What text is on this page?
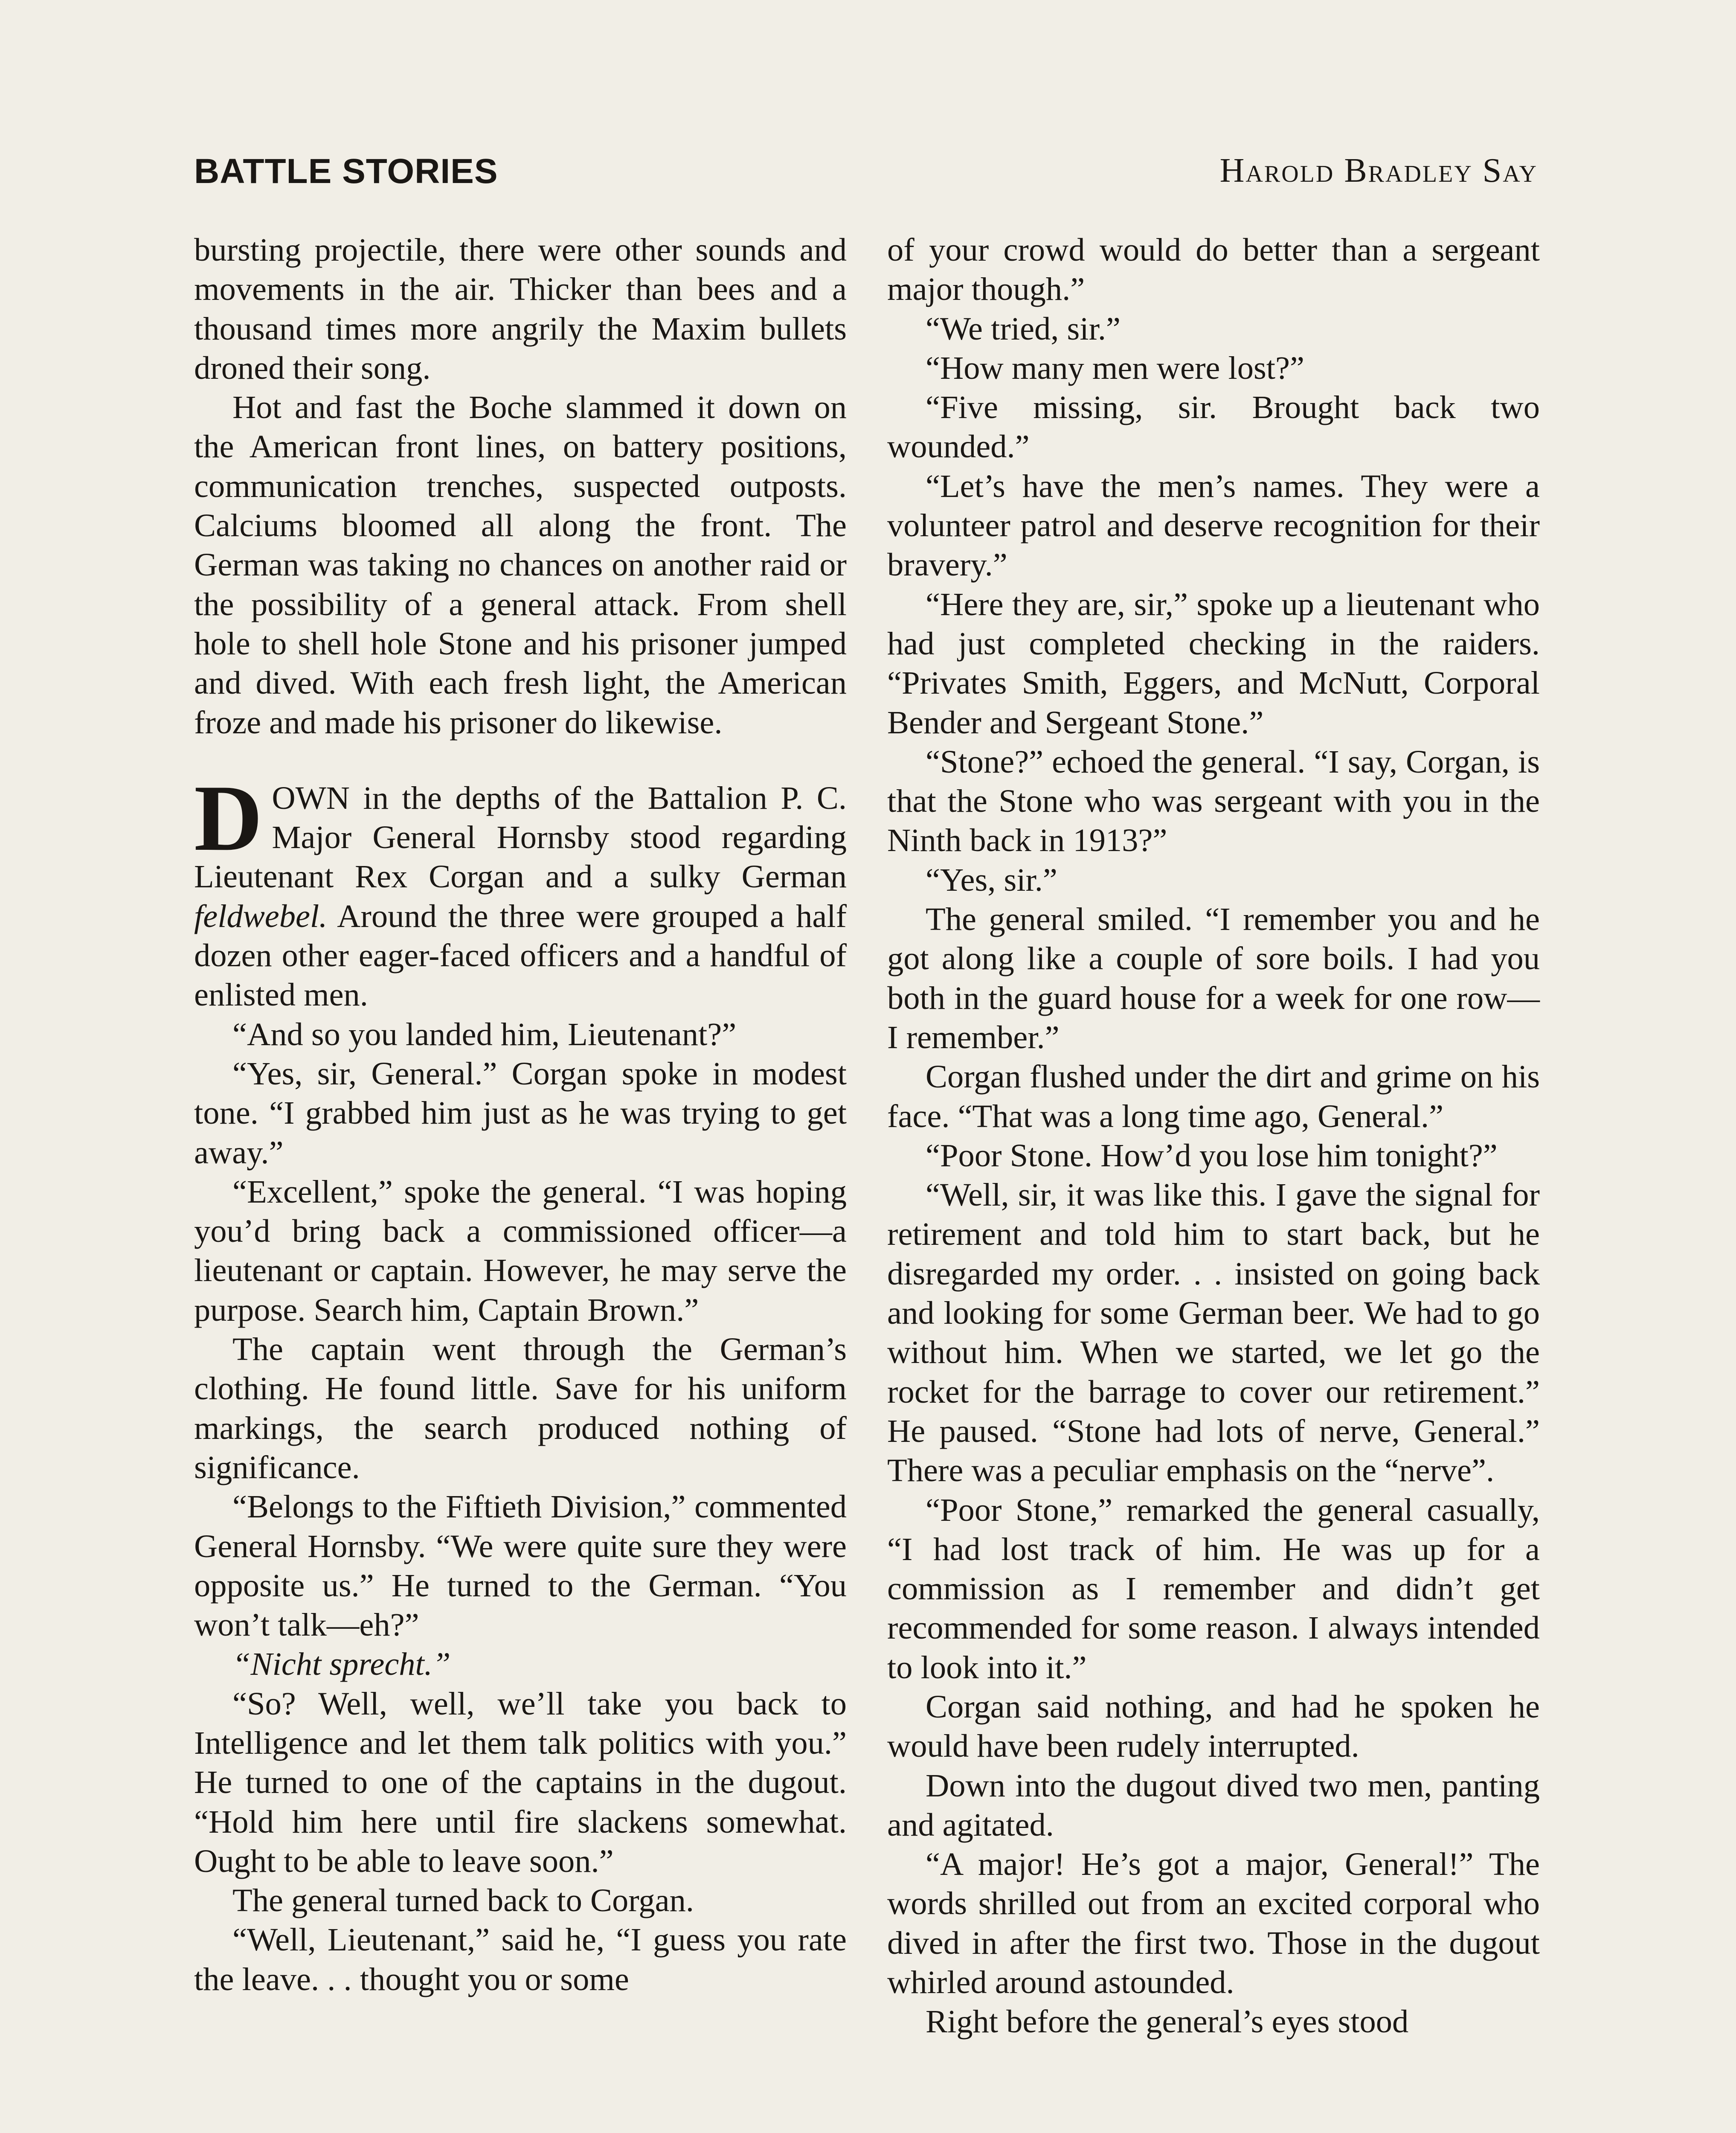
BATTLE STORIES	Harold Bradley Say

bursting projectile, there were other sounds and movements in the air. Thicker than bees and a thousand times more angrily the Maxim bullets droned their song.

Hot and fast the Boche slammed it down on the American front lines, on battery positions, communication trenches, suspected outposts. Calciums bloomed all along the front. The German was taking no chances on another raid or the possibility of a general attack. From shell hole to shell hole Stone and his prisoner jumped and dived. With each fresh light, the American froze and made his prisoner do likewise.

DOWN in the depths of the Battalion P. C. Major General Hornsby stood regarding Lieutenant Rex Corgan and a sulky German feldwebel. Around the three were grouped a half dozen other eager-faced officers and a handful of enlisted men.

“And so you landed him, Lieutenant?”

“Yes, sir, General.” Corgan spoke in modest tone. “I grabbed him just as he was trying to get away.”

“Excellent,” spoke the general. “I was hoping you’d bring back a commissioned officer—a lieutenant or captain. However, he may serve the purpose. Search him, Captain Brown.”

The captain went through the German’s clothing. He found little. Save for his uniform markings, the search produced nothing of significance.

“Belongs to the Fiftieth Division,” commented General Hornsby. “We were quite sure they were opposite us.” He turned to the German. “You won’t talk—eh?”

“Nicht sprecht.”

“So? Well, well, we’ll take you back to Intelligence and let them talk politics with you.” He turned to one of the captains in the dugout. “Hold him here until fire slackens somewhat. Ought to be able to leave soon.”

The general turned back to Corgan.

“Well, Lieutenant,” said he, “I guess you rate the leave. . . thought you or some

of your crowd would do better than a sergeant major though.”

“We tried, sir.”

“How many men were lost?”

“Five missing, sir. Brought back two wounded.”

“Let’s have the men’s names. They were a volunteer patrol and deserve recognition for their bravery.”

“Here they are, sir,” spoke up a lieutenant who had just completed checking in the raiders. “Privates Smith, Eggers, and McNutt, Corporal Bender and Sergeant Stone.”

“Stone?” echoed the general. “I say, Corgan, is that the Stone who was sergeant with you in the Ninth back in 1913?”

“Yes, sir.”

The general smiled. “I remember you and he got along like a couple of sore boils. I had you both in the guard house for a week for one row—I remember.”

Corgan flushed under the dirt and grime on his face. “That was a long time ago, General.”

“Poor Stone. How’d you lose him tonight?”

“Well, sir, it was like this. I gave the signal for retirement and told him to start back, but he disregarded my order. . . insisted on going back and looking for some German beer. We had to go without him. When we started, we let go the rocket for the barrage to cover our retirement.” He paused. “Stone had lots of nerve, General.” There was a peculiar emphasis on the “nerve”.

“Poor Stone,” remarked the general casually, “I had lost track of him. He was up for a commission as I remember and didn’t get recommended for some reason. I always intended to look into it.”

Corgan said nothing, and had he spoken he would have been rudely interrupted.

Down into the dugout dived two men, panting and agitated.

“A major! He’s got a major, General!” The words shrilled out from an excited corporal who dived in after the first two. Those in the dugout whirled around astounded.

Right before the general’s eyes stood
